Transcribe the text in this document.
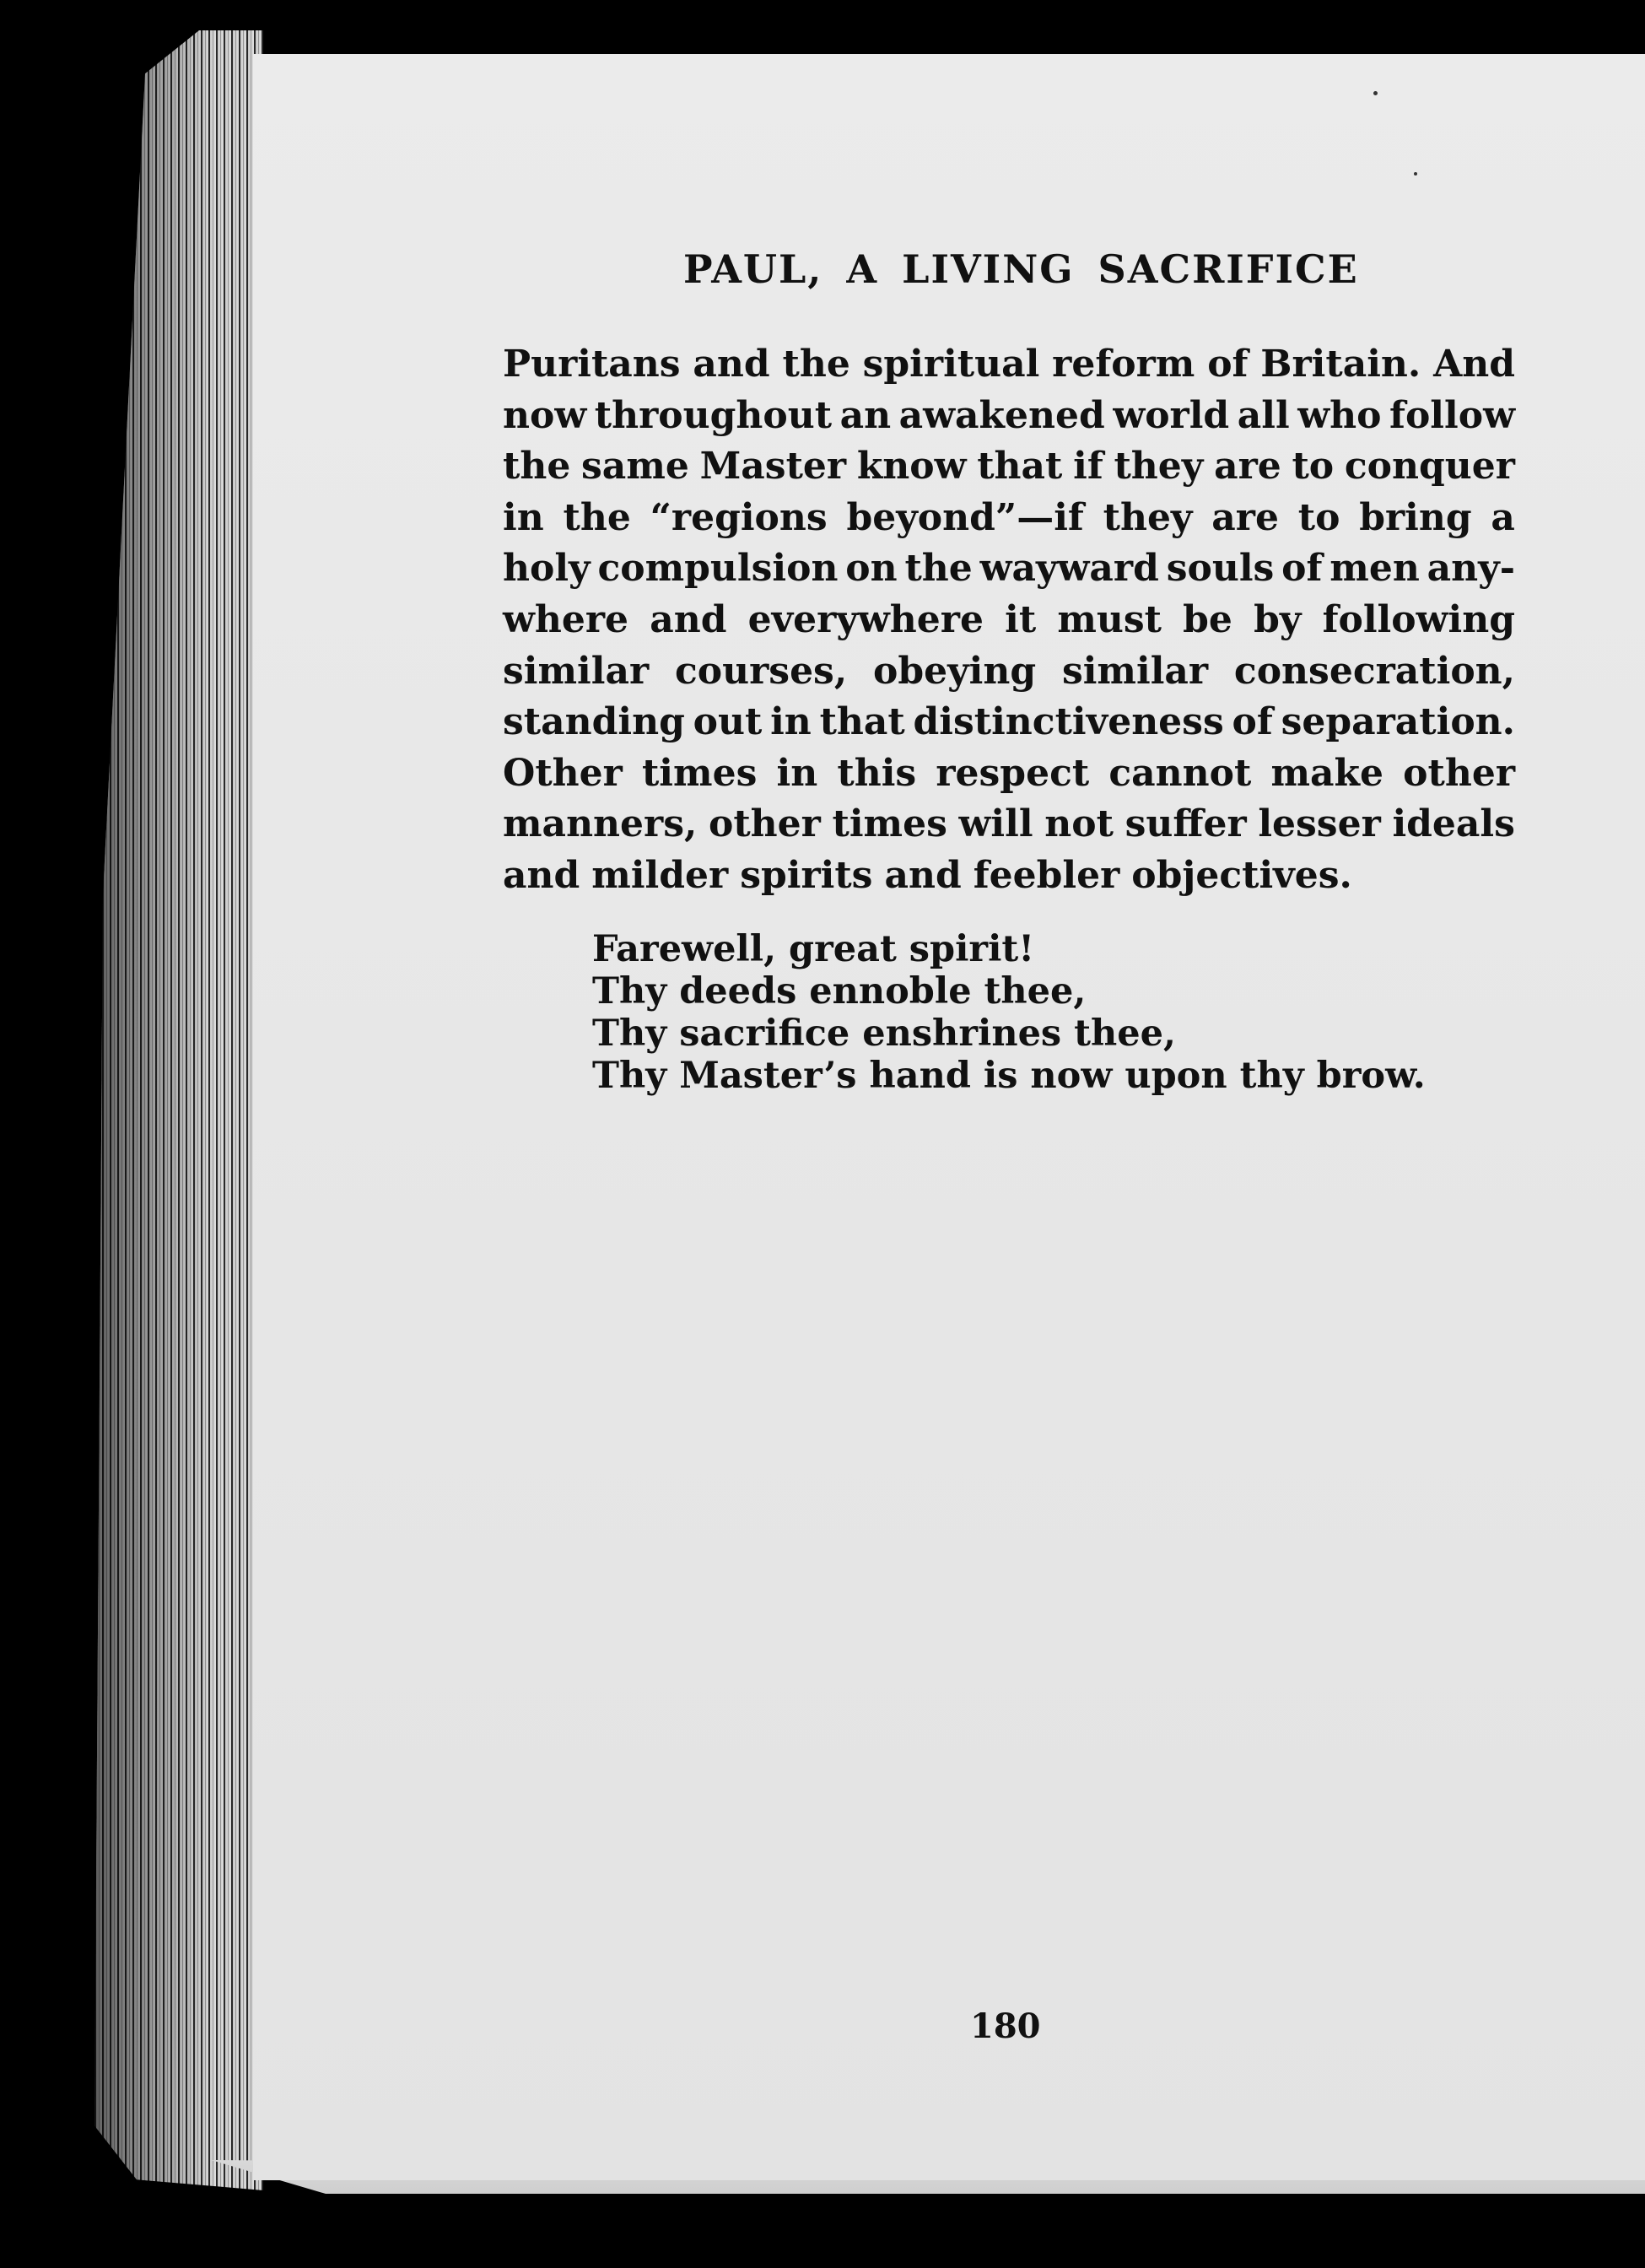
PAUL, A LIVING SACRIFICE
Puritans and the spiritual reform of Britain. And
now throughout an awakened world all who follow
the same Master know that if they are to conquer
in the “regions beyond”—if they are to bring a
holy compulsion on the wayward souls of men any-
where and everywhere it must be by following
similar courses, obeying similar consecration,
standing out in that distinctiveness of separation.
Other times in this respect cannot make other
manners, other times will not suffer lesser ideals
and milder spirits and feebler objectives.
Farewell, great spirit!
Thy deeds ennoble thee,
Thy sacrifice enshrines thee,
Thy Master’s hand is now upon thy brow.
180
